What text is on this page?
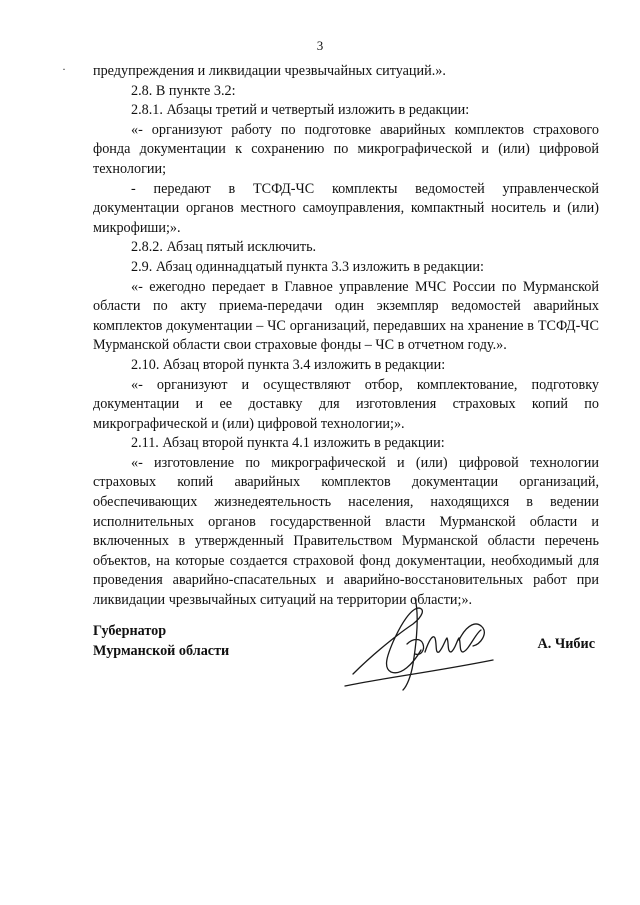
3
· предупреждения и ликвидации чрезвычайных ситуаций.».

2.8. В пункте 3.2:

2.8.1. Абзацы третий и четвертый изложить в редакции:

«- организуют работу по подготовке аварийных комплектов страхового фонда документации к сохранению по микрографической и (или) цифровой технологии;

- передают в ТСФД-ЧС комплекты ведомостей управленческой документации органов местного самоуправления, компактный носитель и (или) микрофиши;».

2.8.2. Абзац пятый исключить.

2.9. Абзац одиннадцатый пункта 3.3 изложить в редакции:

«- ежегодно передает в Главное управление МЧС России по Мурманской области по акту приема-передачи один экземпляр ведомостей аварийных комплектов документации – ЧС организаций, передавших на хранение в ТСФД-ЧС Мурманской области свои страховые фонды – ЧС в отчетном году.».

2.10. Абзац второй пункта 3.4 изложить в редакции:

«- организуют и осуществляют отбор, комплектование, подготовку документации и ее доставку для изготовления страховых копий по микрографической и (или) цифровой технологии;».

2.11. Абзац второй пункта 4.1 изложить в редакции:

«- изготовление по микрографической и (или) цифровой технологии страховых копий аварийных комплектов документации организаций, обеспечивающих жизнедеятельность населения, находящихся в ведении исполнительных органов государственной власти Мурманской области и включенных в утвержденный Правительством Мурманской области перечень объектов, на которые создается страховой фонд документации, необходимый для проведения аварийно-спасательных и аварийно-восстановительных работ при ликвидации чрезвычайных ситуаций на территории области;».

Губернатор
Мурманской области	А. Чибис
